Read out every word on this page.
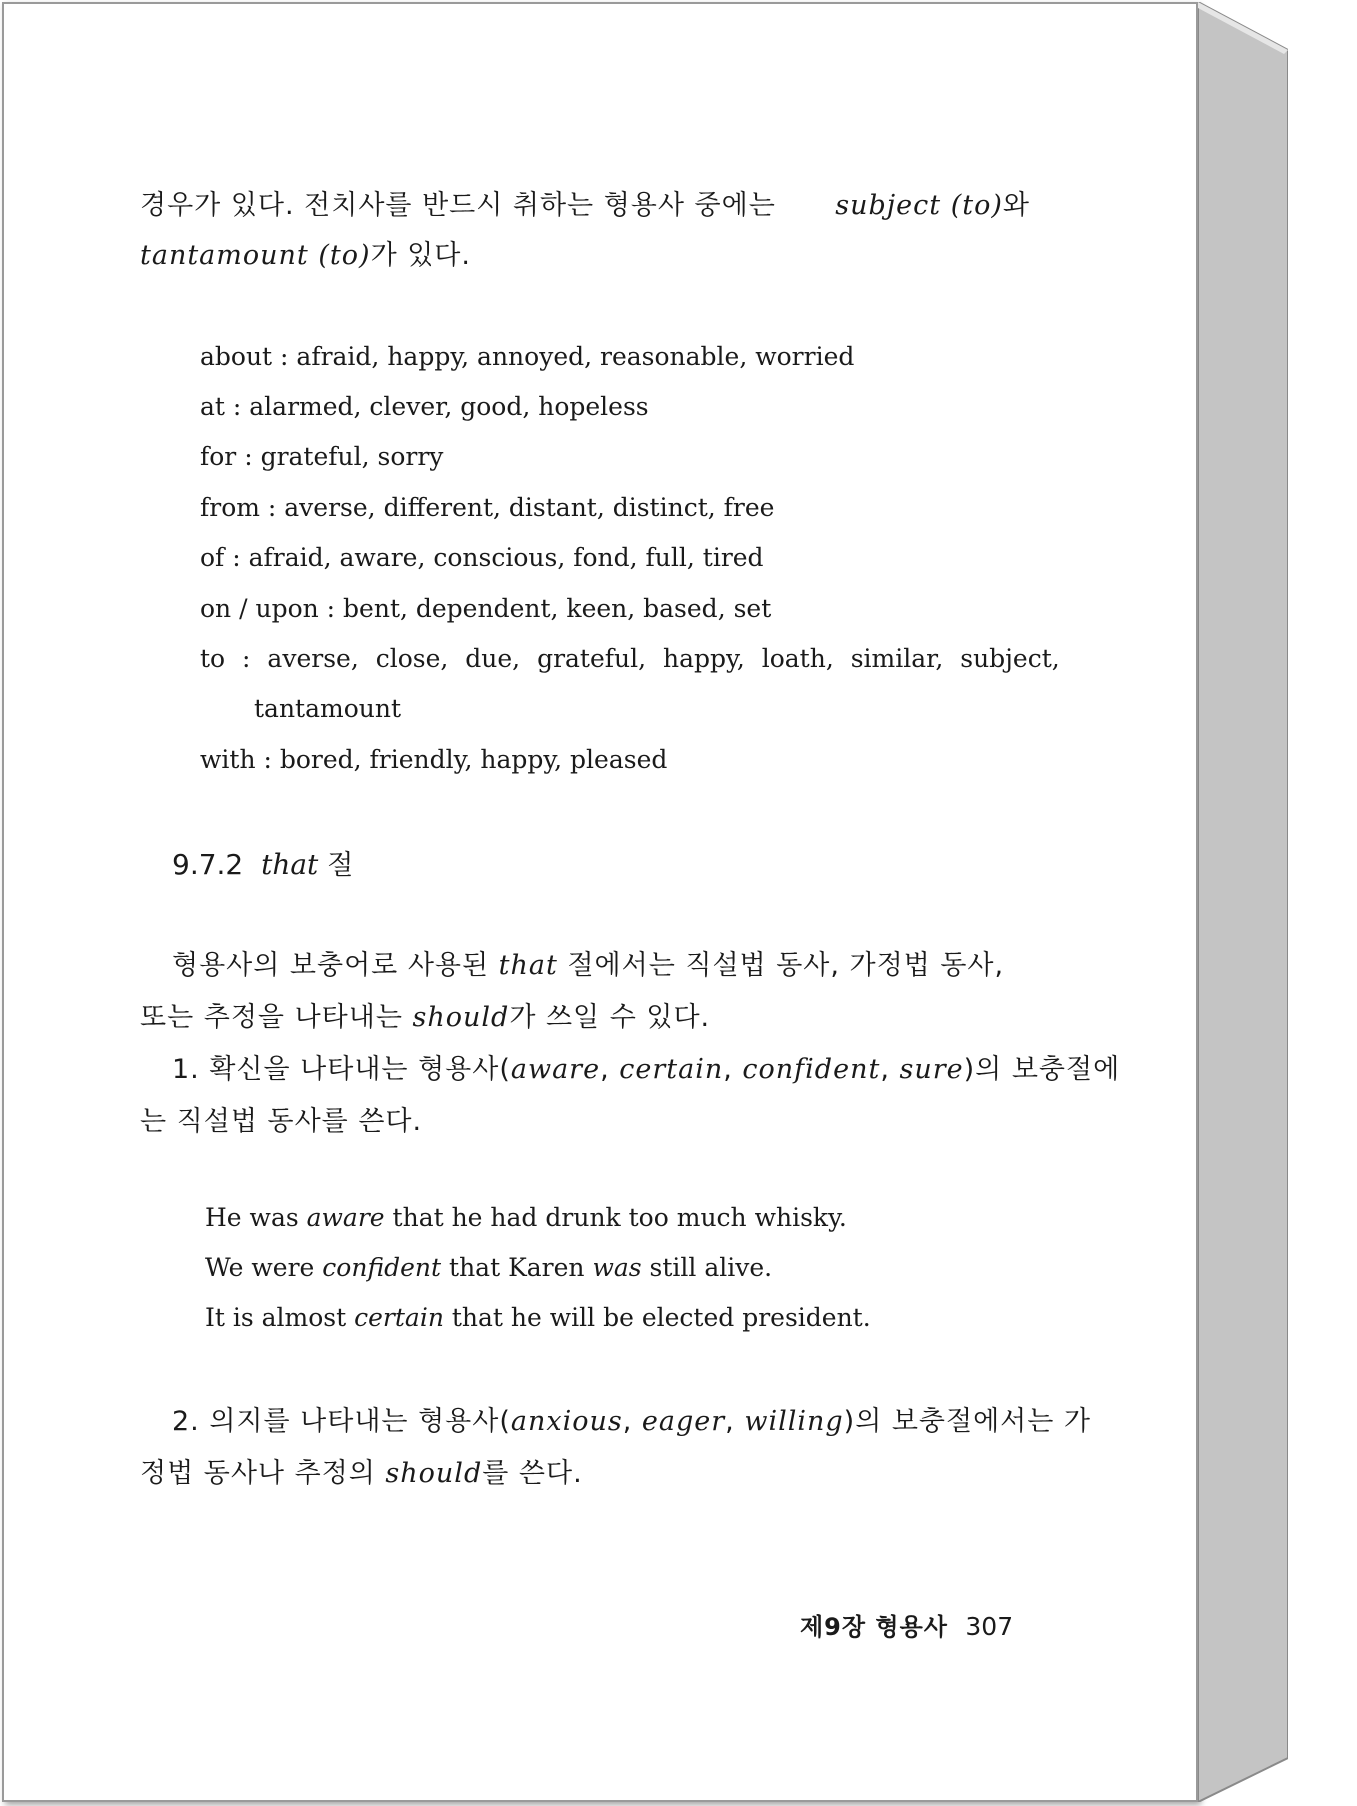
경우가 있다. 전치사를 반드시 취하는 형용사 중에는 subject (to)와
tantamount (to)가 있다.
about : afraid, happy, annoyed, reasonable, worried
at : alarmed, clever, good, hopeless
for : grateful, sorry
from : averse, different, distant, distinct, free
of : afraid, aware, conscious, fond, full, tired
on / upon : bent, dependent, keen, based, set
to : averse, close, due, grateful, happy, loath, similar, subject,
tantamount
with : bored, friendly, happy, pleased
9.7.2 that 절
형용사의 보충어로 사용된 that 절에서는 직설법 동사, 가정법 동사,
또는 추정을 나타내는 should가 쓰일 수 있다.
1. 확신을 나타내는 형용사(aware, certain, confident, sure)의 보충절에
는 직설법 동사를 쓴다.
He was aware that he had drunk too much whisky.
We were confident that Karen was still alive.
It is almost certain that he will be elected president.
2. 의지를 나타내는 형용사(anxious, eager, willing)의 보충절에서는 가
정법 동사나 추정의 should를 쓴다.
제9장 형용사 307
